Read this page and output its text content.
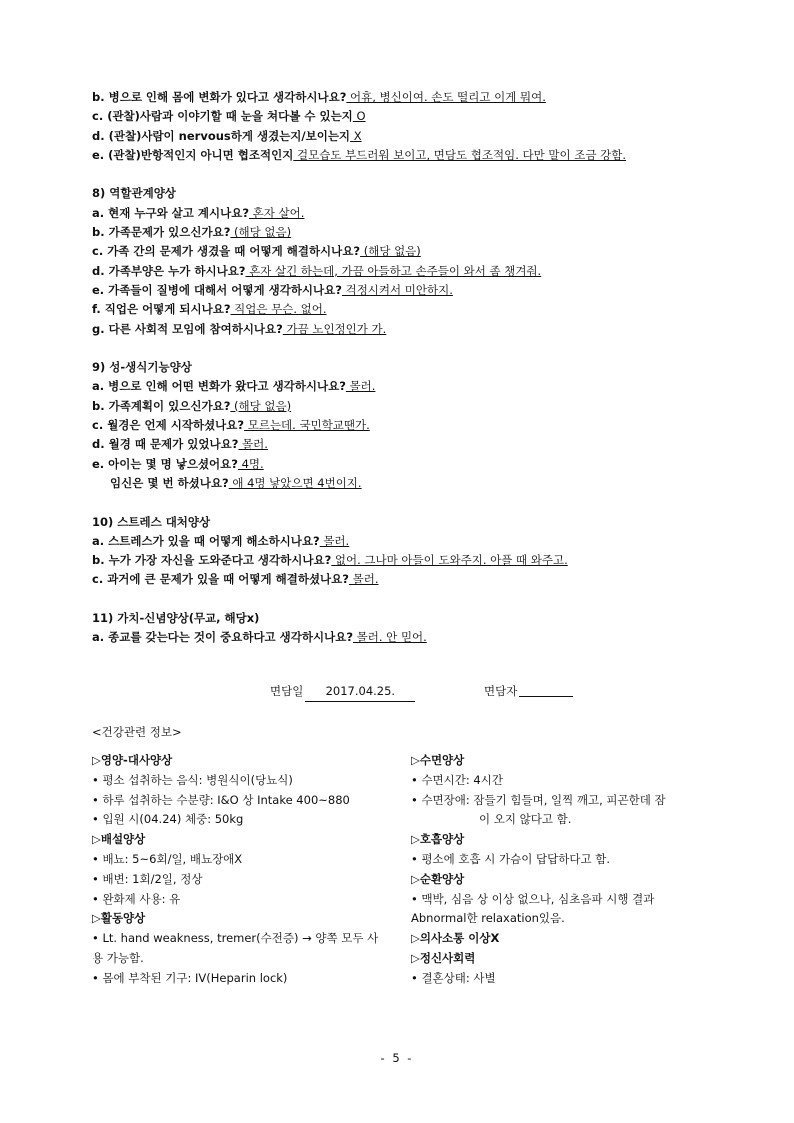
b. 병으로 인해 몸에 변화가 있다고 생각하시나요? 어휴, 병신이여. 손도 떨리고 이게 뭐여.
c. (관찰)사람과 이야기할 때 눈을 쳐다볼 수 있는지 O
d. (관찰)사람이 nervous하게 생겼는지/보이는지 X
e. (관찰)반항적인지 아니면 협조적인지 걸모습도 부드러워 보이고, 면담도 협조적임. 다만 말이 조금 강함.
8) 역할관계양상
a. 현재 누구와 살고 계시나요? 혼자 살어.
b. 가족문제가 있으신가요? (해당 없음)
c. 가족 간의 문제가 생겼을 때 어떻게 해결하시나요? (해당 없음)
d. 가족부양은 누가 하시나요? 혼자 살긴 하는데, 가끔 아들하고 손주들이 와서 좀 챙겨줘.
e. 가족들이 질병에 대해서 어떻게 생각하시나요? 걱정시켜서 미안하지.
f. 직업은 어떻게 되시나요? 직업은 무슨. 없어.
g. 다른 사회적 모임에 참여하시나요? 가끔 노인정인가 가.
9) 성-생식기능양상
a. 병으로 인해 어떤 변화가 왔다고 생각하시나요? 몰러.
b. 가족계획이 있으신가요? (해당 없음)
c. 월경은 언제 시작하셨나요? 모르는데. 국민학교땐가.
d. 월경 때 문제가 있었나요? 몰러.
e. 아이는 몇 명 낳으셨어요? 4명.
임신은 몇 번 하셨나요? 애 4명 낳았으면 4번이지.
10) 스트레스 대처양상
a. 스트레스가 있을 때 어떻게 해소하시나요? 몰러.
b. 누가 가장 자신을 도와준다고 생각하시나요? 없어. 그나마 아들이 도와주지. 아플 때 와주고.
c. 과거에 큰 문제가 있을 때 어떻게 해결하셨나요? 몰러.
11) 가치-신념양상(무교, 해당x)
a. 종교를 갖는다는 것이 중요하다고 생각하시나요? 몰러. 안 믿어.
면담일 2017.04.25.	면담자
<건강관련 정보>
▷영양-대사양상
• 평소 섭취하는 음식: 병원식이(당뇨식)
• 하루 섭취하는 수분량: I&O 상 Intake 400~880
• 입원 시(04.24) 체중: 50kg
▷배설양상
• 배뇨: 5~6회/일, 배뇨장애X
• 배변: 1회/2일, 정상
• 완화제 사용: 유
▷활동양상
• Lt. hand weakness, tremer(수전증) → 양쪽 모두 사용 가능함.
• 몸에 부착된 기구: IV(Heparin lock)
▷수면양상
• 수면시간: 4시간
• 수면장애: 잠들기 힘들며, 일찍 깨고, 피곤한데 잠
이 오지 않다고 함.
▷호흡양상
• 평소에 호흡 시 가슴이 답답하다고 함.
▷순환양상
• 맥박, 심음 상 이상 없으나, 심초음파 시행 결과 Abnormal한 relaxation있음.
▷의사소통 이상X
▷정신사회력
• 결혼상태: 사별
- 5 -
